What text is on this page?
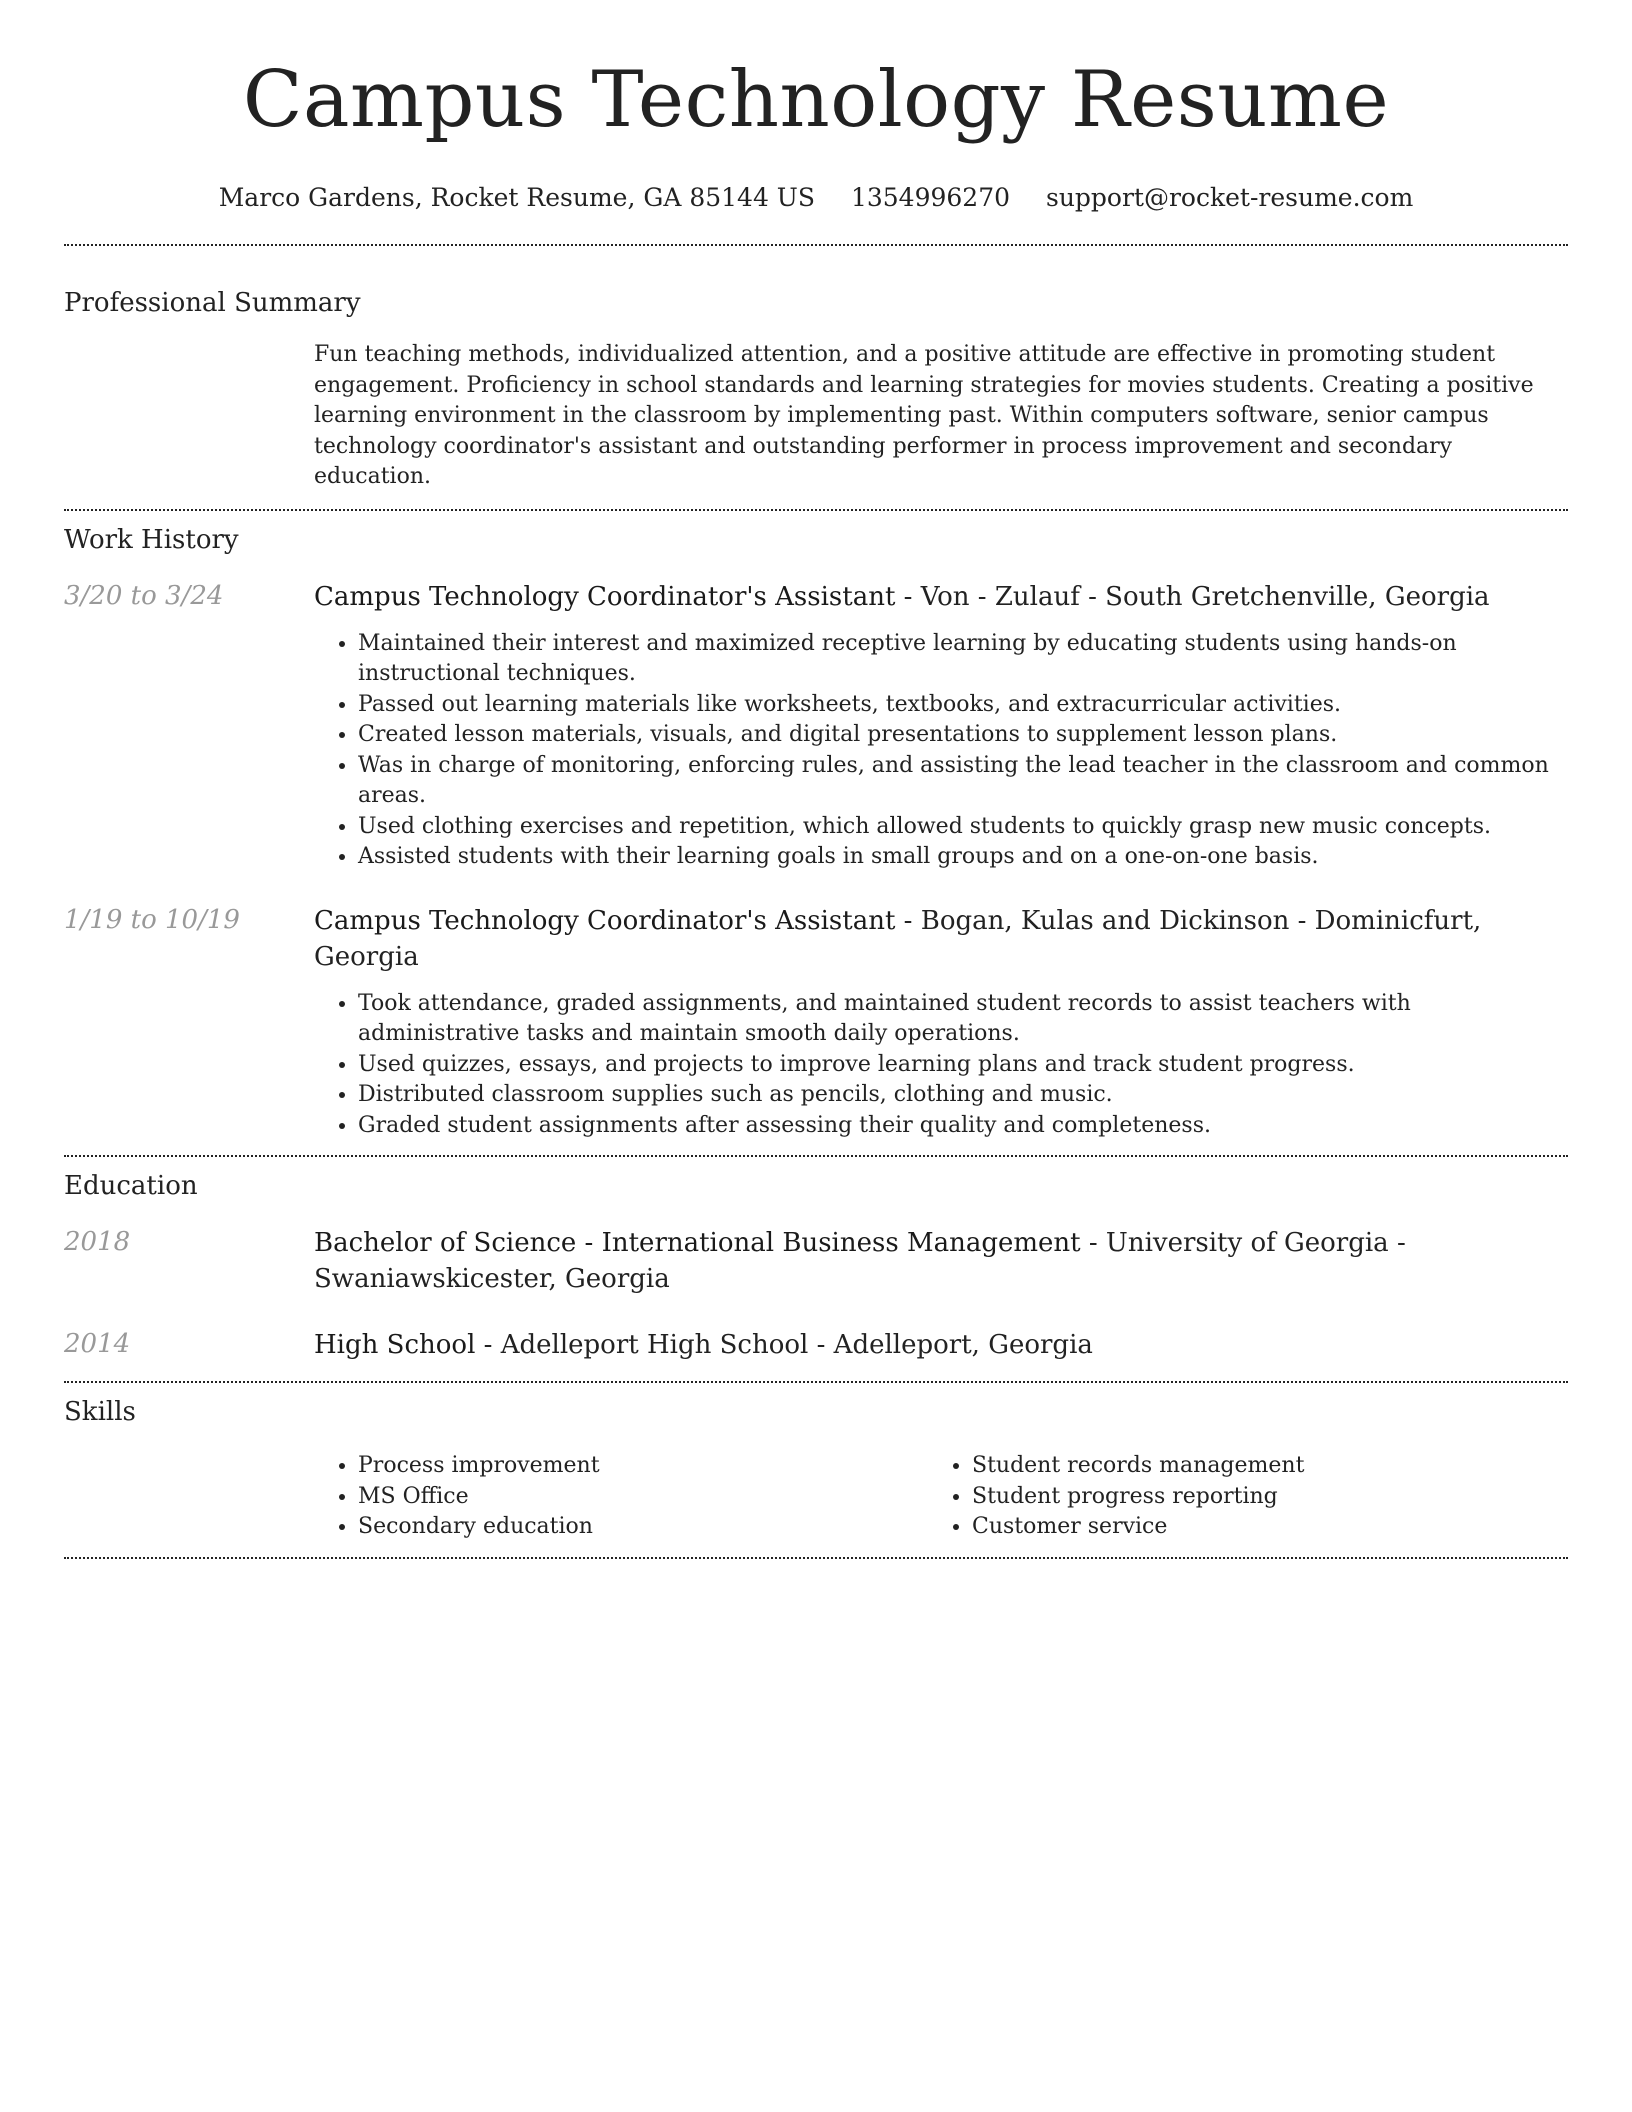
Campus Technology Resume
Marco Gardens, Rocket Resume, GA 85144 US 1354996270 support@rocket-resume.com
Professional Summary
Fun teaching methods, individualized attention, and a positive attitude are effective in promoting student engagement. Proficiency in school standards and learning strategies for movies students. Creating a positive learning environment in the classroom by implementing past. Within computers software, senior campus technology coordinator's assistant and outstanding performer in process improvement and secondary education.
Work History
3/20 to 3/24	Campus Technology Coordinator's Assistant - Von - Zulauf - South Gretchenville, Georgia
• Maintained their interest and maximized receptive learning by educating students using hands-on instructional techniques.
• Passed out learning materials like worksheets, textbooks, and extracurricular activities.
• Created lesson materials, visuals, and digital presentations to supplement lesson plans.
• Was in charge of monitoring, enforcing rules, and assisting the lead teacher in the classroom and common areas.
• Used clothing exercises and repetition, which allowed students to quickly grasp new music concepts.
• Assisted students with their learning goals in small groups and on a one-on-one basis.
1/19 to 10/19	Campus Technology Coordinator's Assistant - Bogan, Kulas and Dickinson - Dominicfurt, Georgia
• Took attendance, graded assignments, and maintained student records to assist teachers with administrative tasks and maintain smooth daily operations.
• Used quizzes, essays, and projects to improve learning plans and track student progress.
• Distributed classroom supplies such as pencils, clothing and music.
• Graded student assignments after assessing their quality and completeness.
Education
2018	Bachelor of Science - International Business Management - University of Georgia - Swaniawskicester, Georgia
2014	High School - Adelleport High School - Adelleport, Georgia
Skills
• Process improvement
• MS Office
• Secondary education
• Student records management
• Student progress reporting
• Customer service
